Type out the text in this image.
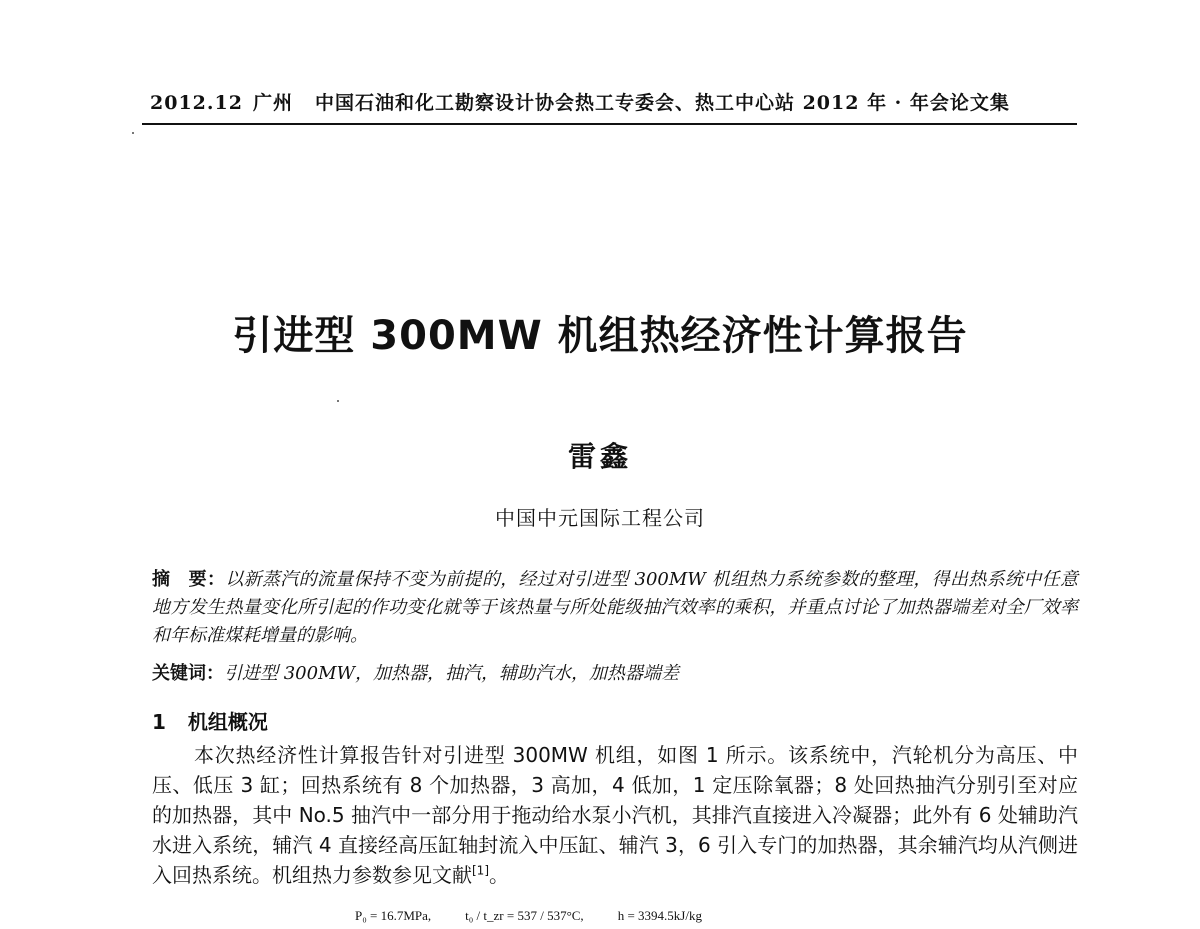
2012.12 广州 中国石油和化工勘察设计协会热工专委会、热工中心站 2012 年 · 年会论文集
引进型 300MW 机组热经济性计算报告
雷鑫
中国中元国际工程公司
摘　要：以新蒸汽的流量保持不变为前提的，经过对引进型 300MW 机组热力系统参数的整理，得出热系统中任意地方发生热量变化所引起的作功变化就等于该热量与所处能级抽汽效率的乘积，并重点讨论了加热器端差对全厂效率和年标准煤耗增量的影响。
关键词：引进型 300MW，加热器，抽汽，辅助汽水，加热器端差
1 机组概况
本次热经济性计算报告针对引进型 300MW 机组，如图 1 所示。该系统中，汽轮机分为高压、中压、低压 3 缸；回热系统有 8 个加热器，3 高加，4 低加，1 定压除氧器；8 处回热抽汽分别引至对应的加热器，其中 No.5 抽汽中一部分用于拖动给水泵小汽机，其排汽直接进入冷凝器；此外有 6 处辅助汽水进入系统，辅汽 4 直接经高压缸轴封流入中压缸、辅汽 3，6 引入专门的加热器，其余辅汽均从汽侧进入回热系统。机组热力参数参见文献[1]。
P₀ = 16.7MPa,	t₀ / t_zr = 537 / 537°C,	h = 3394.5kJ/kg
